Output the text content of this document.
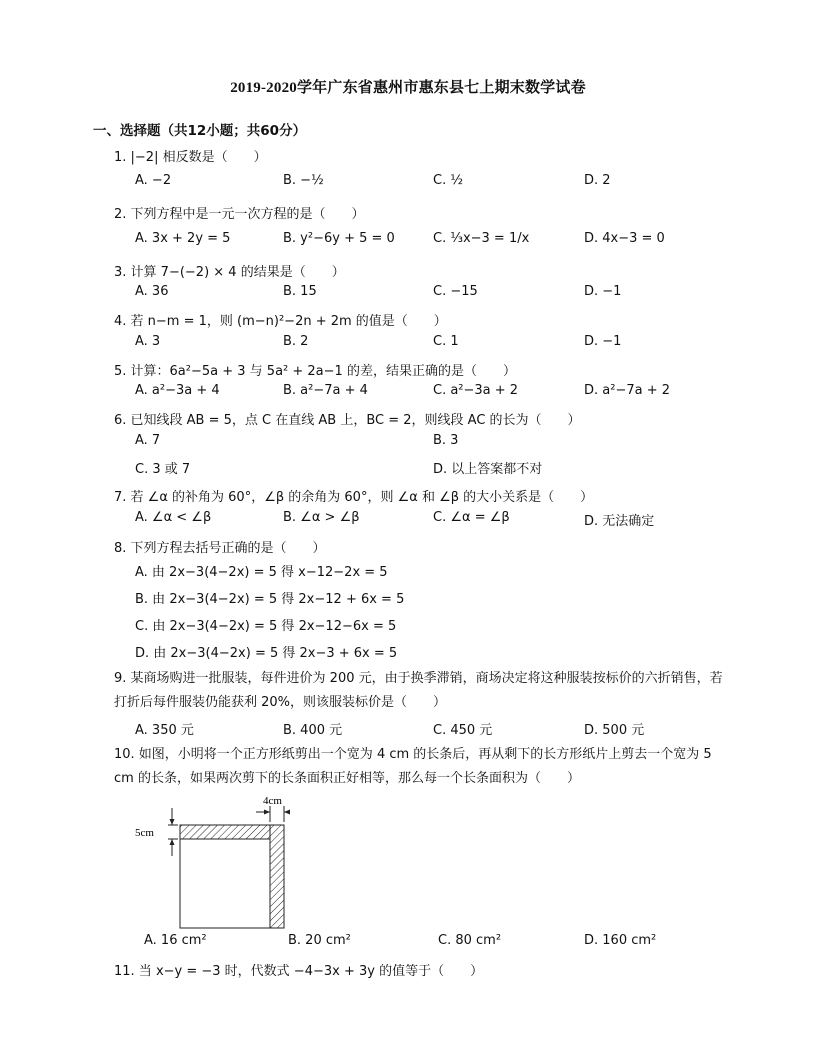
2019-2020学年广东省惠州市惠东县七上期末数学试卷
一、选择题（共12小题；共60分）
1. |−2| 相反数是（　　）
A. −2	B. −½	C. ½	D. 2
2. 下列方程中是一元一次方程的是（　　）
A. 3x + 2y = 5	B. y²−6y + 5 = 0	C. ⅓x−3 = 1/x	D. 4x−3 = 0
3. 计算 7−(−2) × 4 的结果是（　　）
A. 36	B. 15	C. −15	D. −1
4. 若 n−m = 1，则 (m−n)²−2n + 2m 的值是（　　）
A. 3	B. 2	C. 1	D. −1
5. 计算：6a²−5a + 3 与 5a² + 2a−1 的差，结果正确的是（　　）
A. a²−3a + 4	B. a²−7a + 4	C. a²−3a + 2	D. a²−7a + 2
6. 已知线段 AB = 5，点 C 在直线 AB 上，BC = 2，则线段 AC 的长为（　　）
A. 7	B. 3
C. 3 或 7	D. 以上答案都不对
7. 若 ∠α 的补角为 60°，∠β 的余角为 60°，则 ∠α 和 ∠β 的大小关系是（　　）
A. ∠α < ∠β	B. ∠α > ∠β	C. ∠α = ∠β	D. 无法确定
8. 下列方程去括号正确的是（　　）
A. 由 2x−3(4−2x) = 5 得 x−12−2x = 5
B. 由 2x−3(4−2x) = 5 得 2x−12 + 6x = 5
C. 由 2x−3(4−2x) = 5 得 2x−12−6x = 5
D. 由 2x−3(4−2x) = 5 得 2x−3 + 6x = 5
9. 某商场购进一批服装，每件进价为 200 元，由于换季滞销，商场决定将这种服装按标价的六折销售，若打折后每件服装仍能获利 20%，则该服装标价是（　　）
A. 350 元	B. 400 元	C. 450 元	D. 500 元
10. 如图，小明将一个正方形纸剪出一个宽为 4 cm 的长条后，再从剩下的长方形纸片上剪去一个宽为 5 cm 的长条，如果两次剪下的长条面积正好相等，那么每一个长条面积为（　　）
4cm
5cm
A. 16 cm²	B. 20 cm²	C. 80 cm²	D. 160 cm²
11. 当 x−y = −3 时，代数式 −4−3x + 3y 的值等于（　　）
